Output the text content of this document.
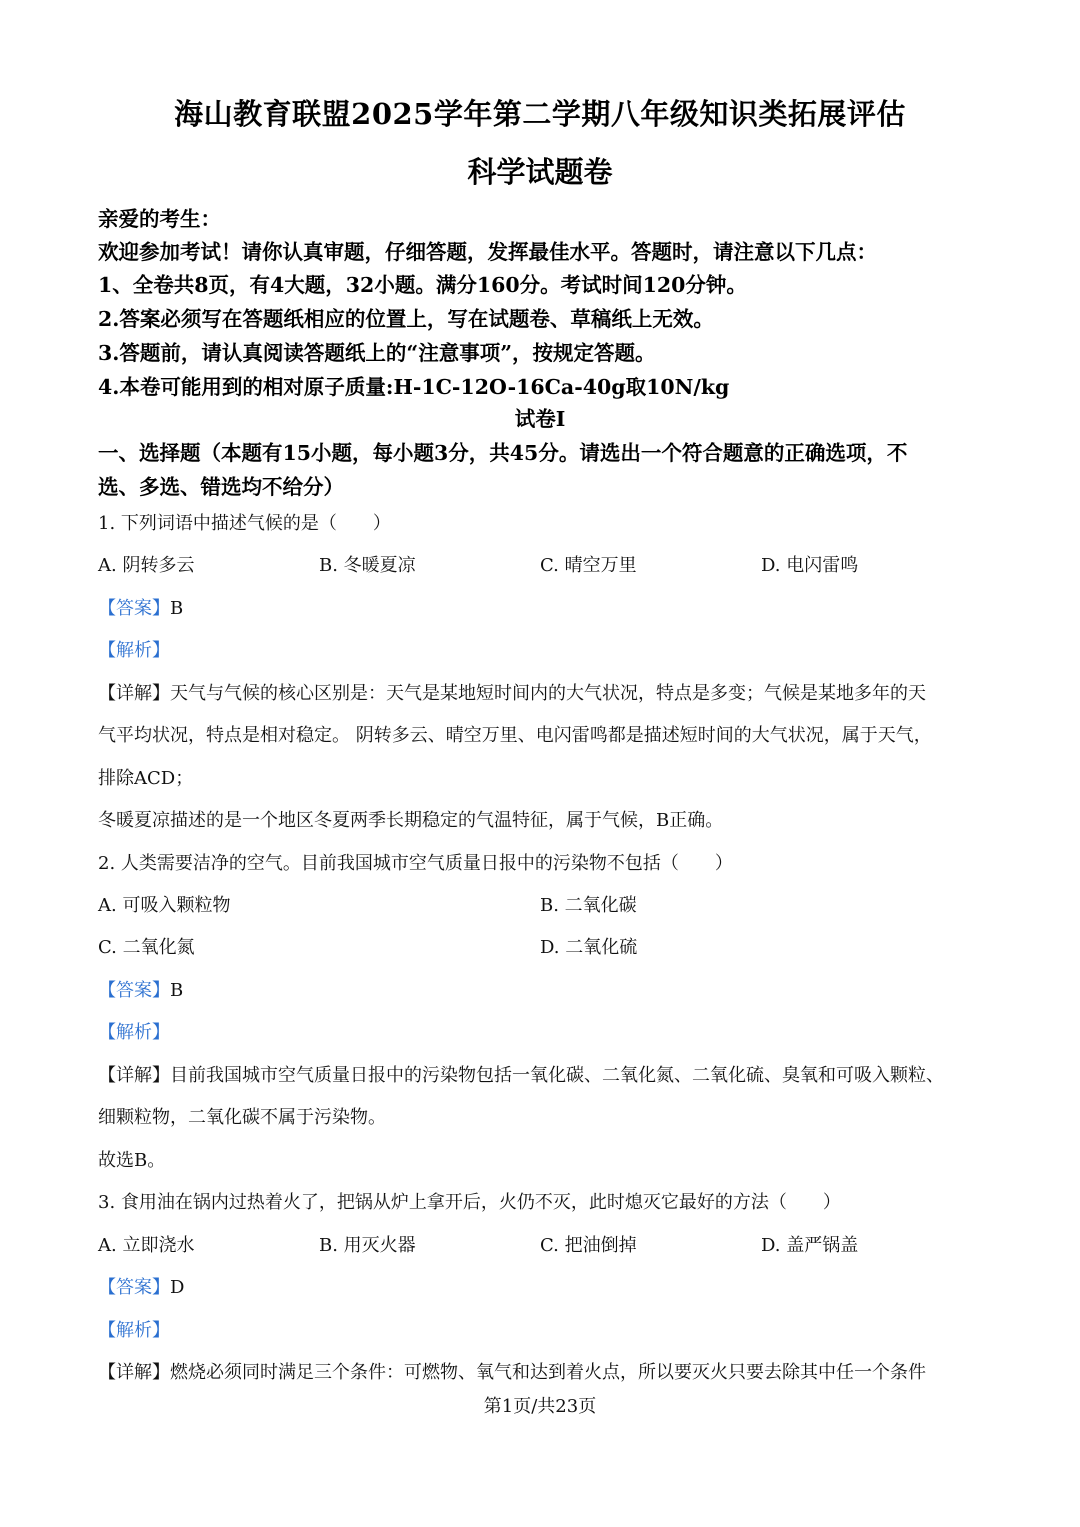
海山教育联盟2025学年第二学期八年级知识类拓展评估
科学试题卷
亲爱的考生：
欢迎参加考试！请你认真审题，仔细答题，发挥最佳水平。答题时，请注意以下几点：
1、全卷共8页，有4大题，32小题。满分160分。考试时间120分钟。
2.答案必须写在答题纸相应的位置上，写在试题卷、草稿纸上无效。
3.答题前，请认真阅读答题纸上的“注意事项”，按规定答题。
4.本卷可能用到的相对原子质量:H-1C-12O-16Ca-40g取10N/kg
试卷Ⅰ
一、选择题（本题有15小题，每小题3分，共45分。请选出一个符合题意的正确选项，不
选、多选、错选均不给分）
1. 下列词语中描述气候的是（　　）
A. 阴转多云	B. 冬暖夏凉	C. 晴空万里	D. 电闪雷鸣
【答案】B
【解析】
【详解】天气与气候的核心区别是：天气是某地短时间内的大气状况，特点是多变；气候是某地多年的天
气平均状况，特点是相对稳定。 阴转多云、晴空万里、电闪雷鸣都是描述短时间的大气状况，属于天气，
排除ACD；
冬暖夏凉描述的是一个地区冬夏两季长期稳定的气温特征，属于气候，B正确。
2. 人类需要洁净的空气。目前我国城市空气质量日报中的污染物不包括（　　）
A. 可吸入颗粒物	B. 二氧化碳
C. 二氧化氮	D. 二氧化硫
【答案】B
【解析】
【详解】目前我国城市空气质量日报中的污染物包括一氧化碳、二氧化氮、二氧化硫、臭氧和可吸入颗粒、
细颗粒物，二氧化碳不属于污染物。
故选B。
3. 食用油在锅内过热着火了，把锅从炉上拿开后，火仍不灭，此时熄灭它最好的方法（　　）
A. 立即浇水	B. 用灭火器	C. 把油倒掉	D. 盖严锅盖
【答案】D
【解析】
【详解】燃烧必须同时满足三个条件：可燃物、氧气和达到着火点，所以要灭火只要去除其中任一个条件
第1页/共23页
